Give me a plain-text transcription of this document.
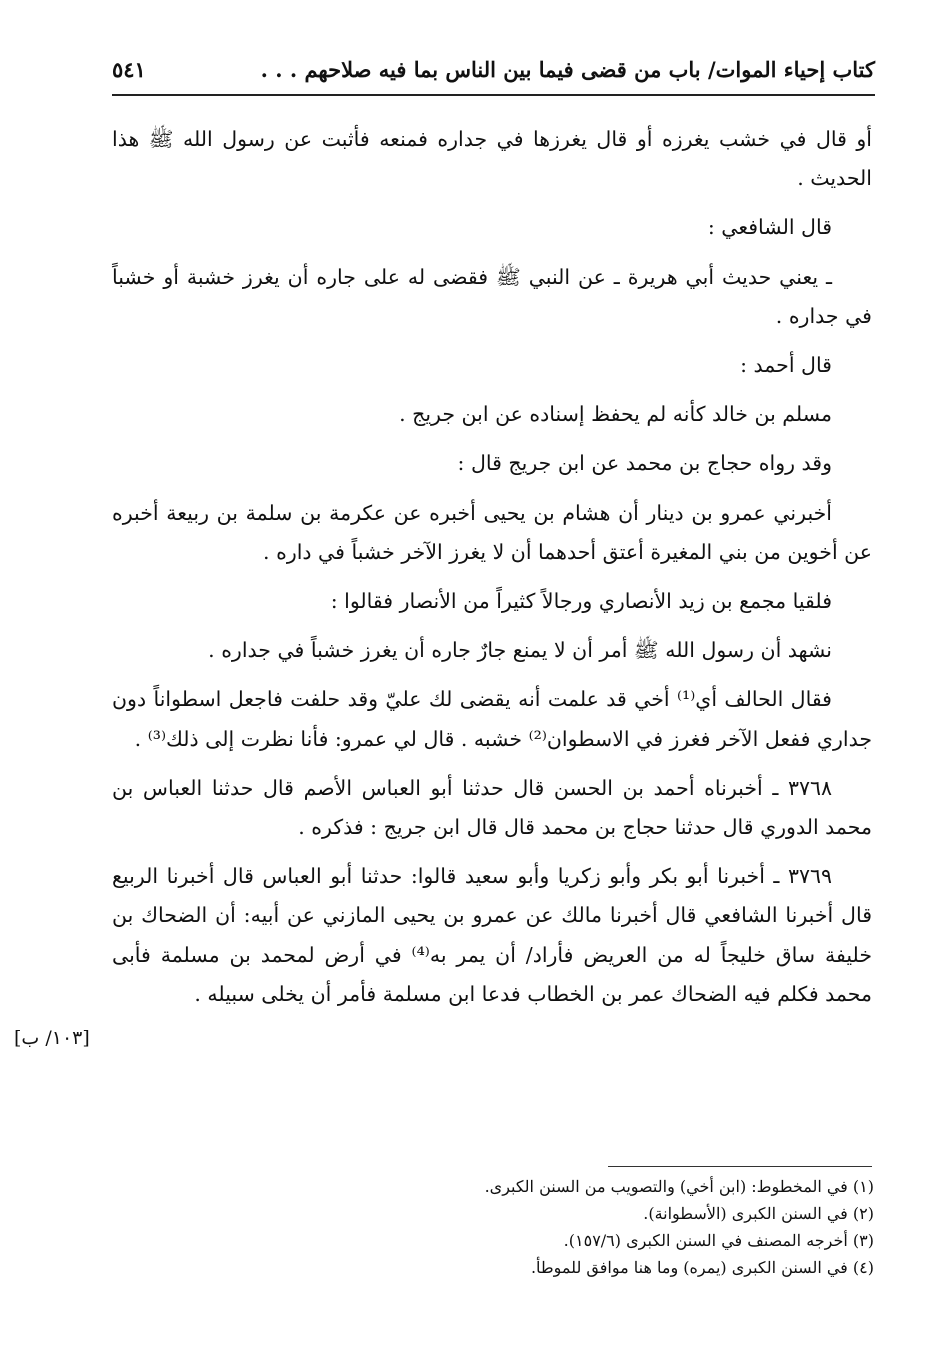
كتاب إحياء الموات/ باب من قضى فيما بين الناس بما فيه صلاحهم . . .
٥٤١

أو قال في خشب يغرزه أو قال يغرزها في جداره فمنعه فأثبت عن رسول الله ﷺ هذا الحديث .

قال الشافعي :

ـ يعني حديث أبي هريرة ـ عن النبي ﷺ فقضى له على جاره أن يغرز خشبة أو خشباً في جداره .

قال أحمد :

مسلم بن خالد كأنه لم يحفظ إسناده عن ابن جريج .

وقد رواه حجاج بن محمد عن ابن جريج قال :

أخبرني عمرو بن دينار أن هشام بن يحيى أخبره عن عكرمة بن سلمة بن ربيعة أخبره عن أخوين من بني المغيرة أعتق أحدهما أن لا يغرز الآخر خشباً في داره .

فلقيا مجمع بن زيد الأنصاري ورجالاً كثيراً من الأنصار فقالوا :

نشهد أن رسول الله ﷺ أمر أن لا يمنع جارٌ جاره أن يغرز خشباً في جداره .

فقال الحالف أي⁽¹⁾ أخي قد علمت أنه يقضى لك عليّ وقد حلفت فاجعل اسطواناً دون جداري ففعل الآخر فغرز في الاسطوان⁽²⁾ خشبه . قال لي عمرو: فأنا نظرت إلى ذلك⁽³⁾ .

٣٧٦٨ ـ أخبرناه أحمد بن الحسن قال حدثنا أبو العباس الأصم قال حدثنا العباس بن محمد الدوري قال حدثنا حجاج بن محمد قال قال ابن جريج : فذكره .

٣٧٦٩ ـ أخبرنا أبو بكر وأبو زكريا وأبو سعيد قالوا: حدثنا أبو العباس قال أخبرنا الربيع قال أخبرنا الشافعي قال أخبرنا مالك عن عمرو بن يحيى المازني عن أبيه: أن الضحاك بن خليفة ساق خليجاً له من العريض فأراد/ أن يمر به⁽⁴⁾ في أرض لمحمد بن مسلمة فأبى محمد فكلم فيه الضحاك عمر بن الخطاب فدعا ابن مسلمة فأمر أن يخلى سبيله .

[١٠٣/ ب]
(١) في المخطوط: (ابن أخي) والتصويب من السنن الكبرى.
(٢) في السنن الكبرى (الأسطوانة).
(٣) أخرجه المصنف في السنن الكبرى (١٥٧/٦).
(٤) في السنن الكبرى (يمره) وما هنا موافق للموطأ.
